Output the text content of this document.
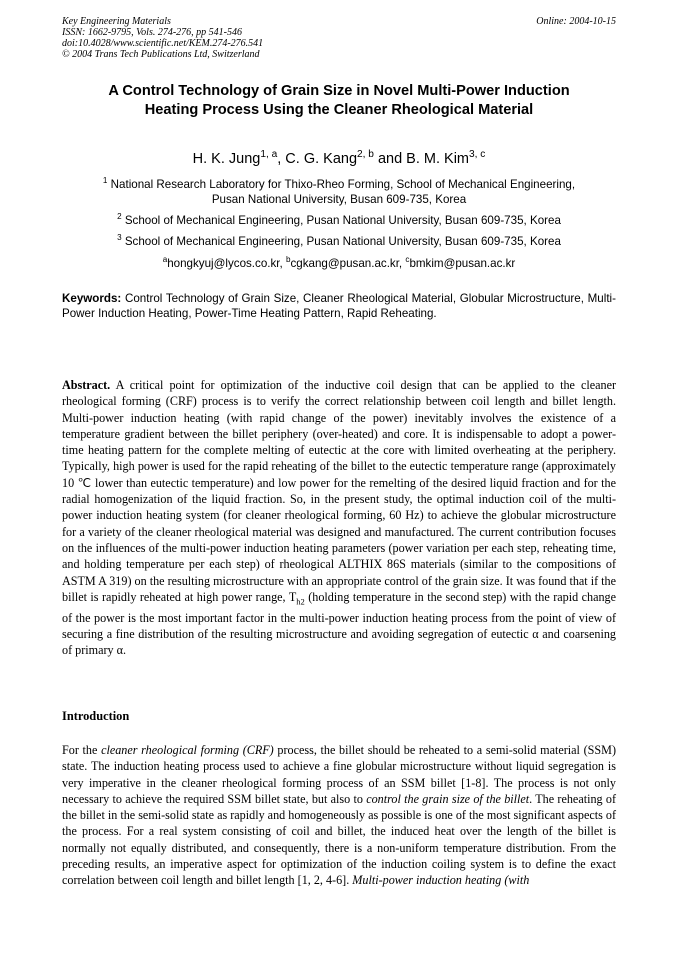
Key Engineering Materials
ISSN: 1662-9795, Vols. 274-276, pp 541-546
doi:10.4028/www.scientific.net/KEM.274-276.541
© 2004 Trans Tech Publications Ltd, Switzerland
Online: 2004-10-15
A Control Technology of Grain Size in Novel Multi-Power Induction
Heating Process Using the Cleaner Rheological Material
H. K. Jung$^{1, a}$, C. G. Kang$^{2, b}$ and B. M. Kim$^{3, c}$
$^1$ National Research Laboratory for Thixo-Rheo Forming, School of Mechanical Engineering,
Pusan National University, Busan 609-735, Korea
$^2$ School of Mechanical Engineering, Pusan National University, Busan 609-735, Korea
$^3$ School of Mechanical Engineering, Pusan National University, Busan 609-735, Korea
$^a$hongkyuj@lycos.co.kr, $^b$cgkang@pusan.ac.kr, $^c$bmkim@pusan.ac.kr
Keywords: Control Technology of Grain Size, Cleaner Rheological Material, Globular Microstructure, Multi-Power Induction Heating, Power-Time Heating Pattern, Rapid Reheating.
Abstract. A critical point for optimization of the inductive coil design that can be applied to the cleaner rheological forming (CRF) process is to verify the correct relationship between coil length and billet length. Multi-power induction heating (with rapid change of the power) inevitably involves the existence of a temperature gradient between the billet periphery (over-heated) and core. It is indispensable to adopt a power-time heating pattern for the complete melting of eutectic at the core with limited overheating at the periphery. Typically, high power is used for the rapid reheating of the billet to the eutectic temperature range (approximately 10 ℃ lower than eutectic temperature) and low power for the remelting of the desired liquid fraction and for the radial homogenization of the liquid fraction. So, in the present study, the optimal induction coil of the multi-power induction heating system (for cleaner rheological forming, 60 Hz) to achieve the globular microstructure for a variety of the cleaner rheological material was designed and manufactured. The current contribution focuses on the influences of the multi-power induction heating parameters (power variation per each step, reheating time, and holding temperature per each step) of rheological ALTHIX 86S materials (similar to the compositions of ASTM A 319) on the resulting microstructure with an appropriate control of the grain size. It was found that if the billet is rapidly reheated at high power range, $T_{h2}$ (holding temperature in the second step) with the rapid change of the power is the most important factor in the multi-power induction heating process from the point of view of securing a fine distribution of the resulting microstructure and avoiding segregation of eutectic α and coarsening of primary α.
Introduction
For the cleaner rheological forming (CRF) process, the billet should be reheated to a semi-solid material (SSM) state. The induction heating process used to achieve a fine globular microstructure without liquid segregation is very imperative in the cleaner rheological forming process of an SSM billet [1-8]. The process is not only necessary to achieve the required SSM billet state, but also to control the grain size of the billet. The reheating of the billet in the semi-solid state as rapidly and homogeneously as possible is one of the most significant aspects of the process. For a real system consisting of coil and billet, the induced heat over the length of the billet is normally not equally distributed, and consequently, there is a non-uniform temperature distribution. From the preceding results, an imperative aspect for optimization of the induction coiling system is to define the exact correlation between coil length and billet length [1, 2, 4-6]. Multi-power induction heating (with
